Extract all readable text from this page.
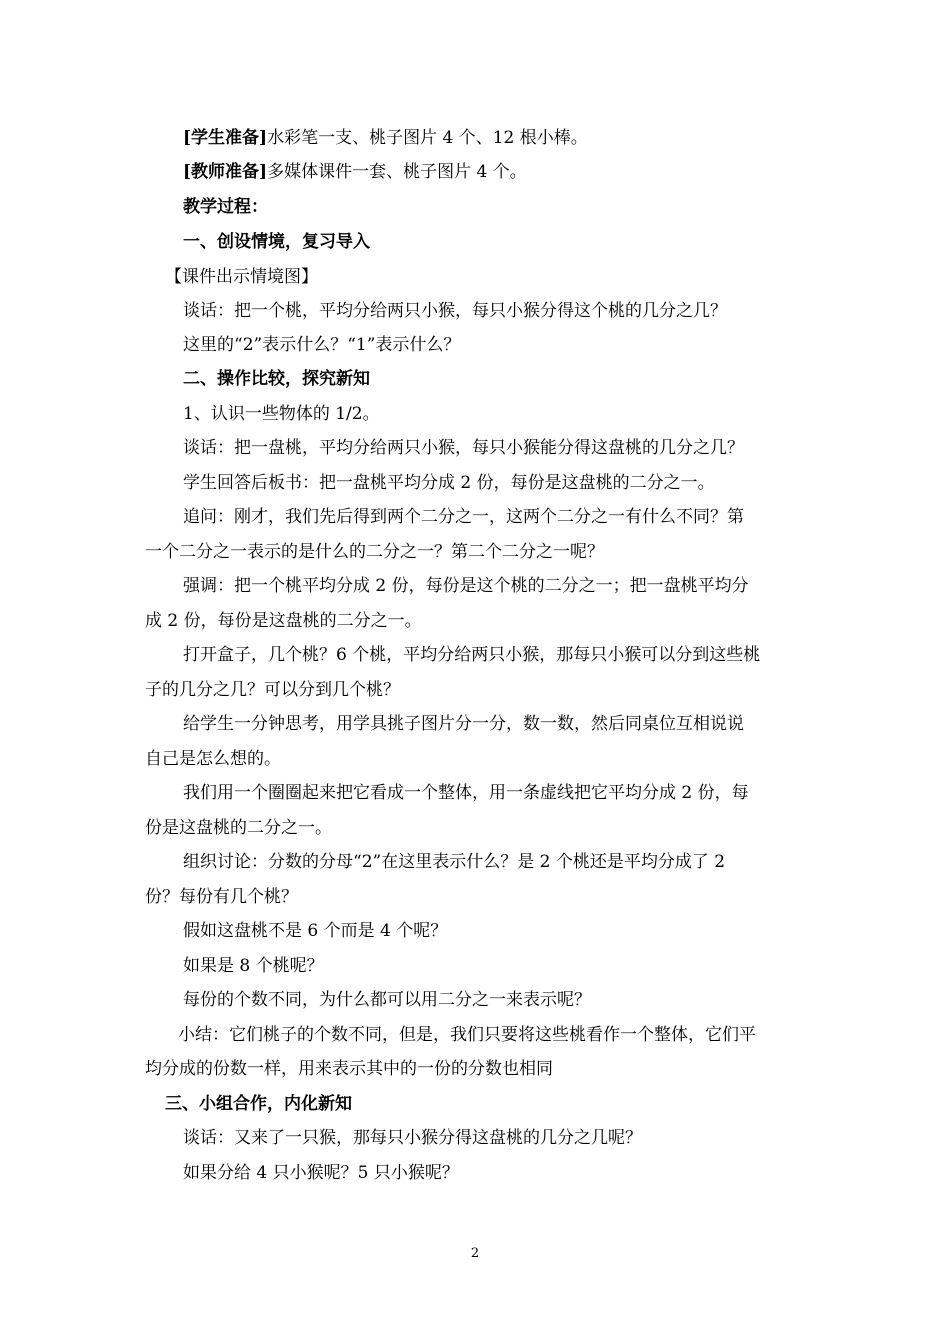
[学生准备]水彩笔一支、桃子图片 4 个、12 根小棒。
[教师准备]多媒体课件一套、桃子图片 4 个。
教学过程：
一、创设情境，复习导入
【课件出示情境图】
谈话：把一个桃，平均分给两只小猴，每只小猴分得这个桃的几分之几？
这里的“2”表示什么？“1”表示什么？
二、操作比较，探究新知
1、认识一些物体的 1/2。
谈话：把一盘桃，平均分给两只小猴，每只小猴能分得这盘桃的几分之几？
学生回答后板书：把一盘桃平均分成 2 份，每份是这盘桃的二分之一。
追问：刚才，我们先后得到两个二分之一，这两个二分之一有什么不同？第
一个二分之一表示的是什么的二分之一？第二个二分之一呢？
强调：把一个桃平均分成 2 份，每份是这个桃的二分之一；把一盘桃平均分
成 2 份，每份是这盘桃的二分之一。
打开盒子，几个桃？6 个桃，平均分给两只小猴，那每只小猴可以分到这些桃
子的几分之几？可以分到几个桃？
给学生一分钟思考，用学具挑子图片分一分，数一数，然后同桌位互相说说
自己是怎么想的。
我们用一个圈圈起来把它看成一个整体，用一条虚线把它平均分成 2 份，每
份是这盘桃的二分之一。
组织讨论：分数的分母“2”在这里表示什么？是 2 个桃还是平均分成了 2
份？每份有几个桃？
假如这盘桃不是 6 个而是 4 个呢？
如果是 8 个桃呢？
每份的个数不同，为什么都可以用二分之一来表示呢？
小结：它们桃子的个数不同，但是，我们只要将这些桃看作一个整体，它们平
均分成的份数一样，用来表示其中的一份的分数也相同
三、小组合作，内化新知
谈话：又来了一只猴，那每只小猴分得这盘桃的几分之几呢？
如果分给 4 只小猴呢？5 只小猴呢？
2
